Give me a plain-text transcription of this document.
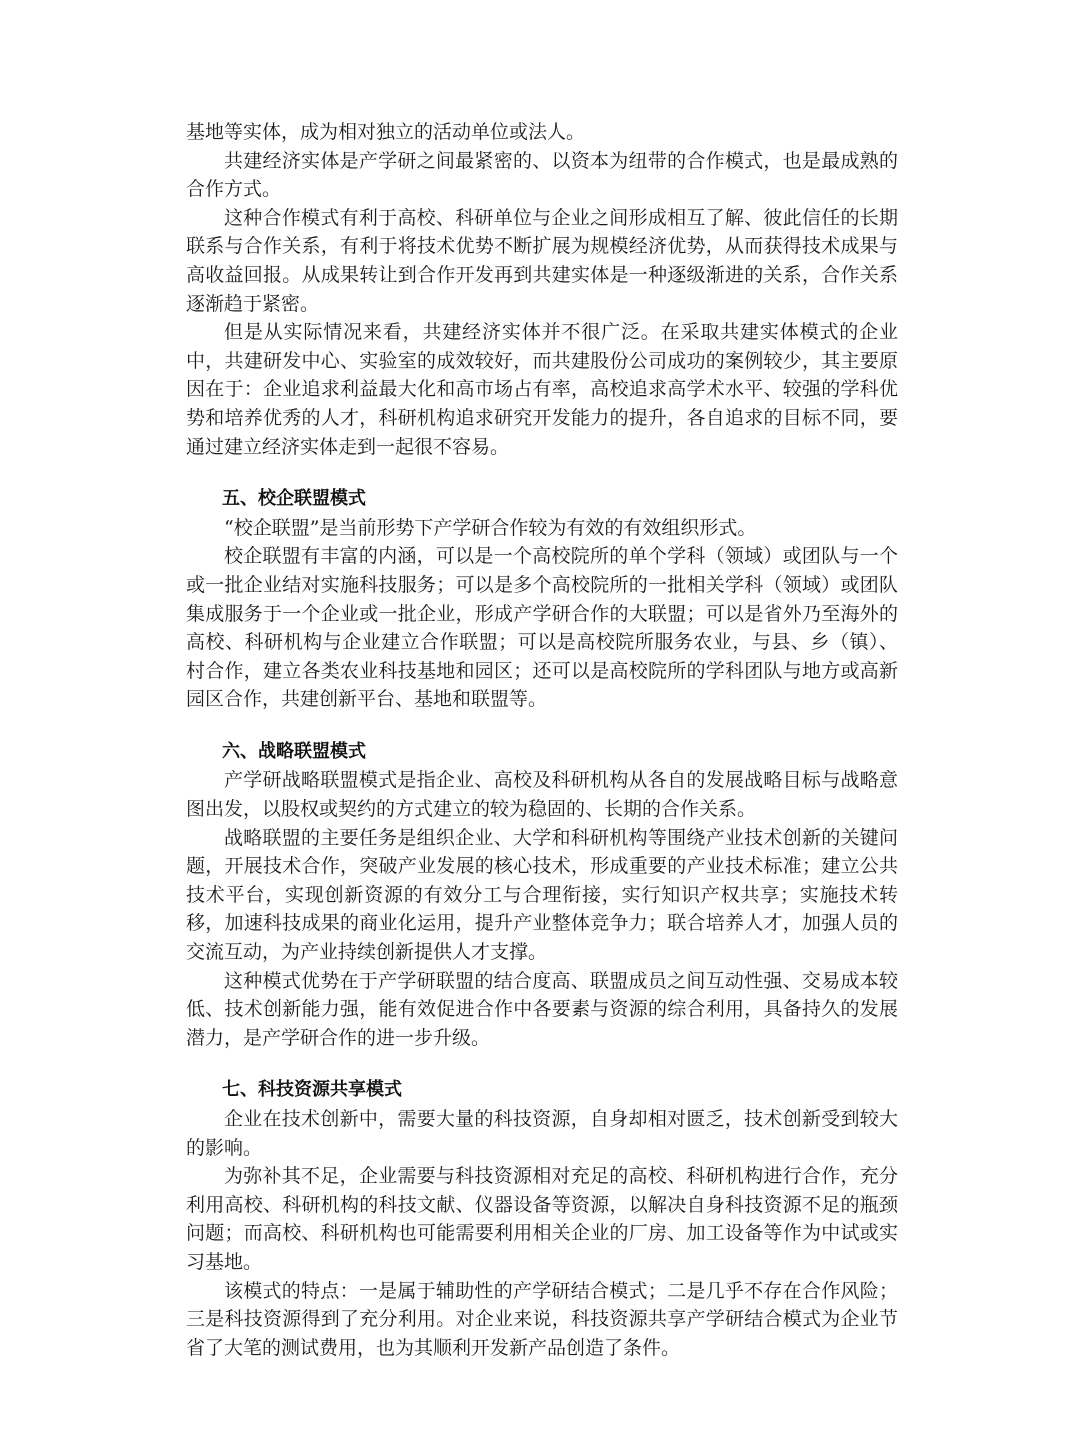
基地等实体，成为相对独立的活动单位或法人。

共建经济实体是产学研之间最紧密的、以资本为纽带的合作模式，也是最成熟的合作方式。

这种合作模式有利于高校、科研单位与企业之间形成相互了解、彼此信任的长期联系与合作关系，有利于将技术优势不断扩展为规模经济优势，从而获得技术成果与高收益回报。从成果转让到合作开发再到共建实体是一种逐级渐进的关系，合作关系逐渐趋于紧密。

但是从实际情况来看，共建经济实体并不很广泛。在采取共建实体模式的企业中，共建研发中心、实验室的成效较好，而共建股份公司成功的案例较少，其主要原因在于：企业追求利益最大化和高市场占有率，高校追求高学术水平、较强的学科优势和培养优秀的人才，科研机构追求研究开发能力的提升，各自追求的目标不同，要通过建立经济实体走到一起很不容易。

五、校企联盟模式

“校企联盟”是当前形势下产学研合作较为有效的有效组织形式。

校企联盟有丰富的内涵，可以是一个高校院所的单个学科（领域）或团队与一个或一批企业结对实施科技服务；可以是多个高校院所的一批相关学科（领域）或团队集成服务于一个企业或一批企业，形成产学研合作的大联盟；可以是省外乃至海外的高校、科研机构与企业建立合作联盟；可以是高校院所服务农业，与县、乡（镇）、村合作，建立各类农业科技基地和园区；还可以是高校院所的学科团队与地方或高新园区合作，共建创新平台、基地和联盟等。

六、战略联盟模式

产学研战略联盟模式是指企业、高校及科研机构从各自的发展战略目标与战略意图出发，以股权或契约的方式建立的较为稳固的、长期的合作关系。

战略联盟的主要任务是组织企业、大学和科研机构等围绕产业技术创新的关键问题，开展技术合作，突破产业发展的核心技术，形成重要的产业技术标准；建立公共技术平台，实现创新资源的有效分工与合理衔接，实行知识产权共享；实施技术转移，加速科技成果的商业化运用，提升产业整体竞争力；联合培养人才，加强人员的交流互动，为产业持续创新提供人才支撑。

这种模式优势在于产学研联盟的结合度高、联盟成员之间互动性强、交易成本较低、技术创新能力强，能有效促进合作中各要素与资源的综合利用，具备持久的发展潜力，是产学研合作的进一步升级。

七、科技资源共享模式

企业在技术创新中，需要大量的科技资源，自身却相对匮乏，技术创新受到较大的影响。

为弥补其不足，企业需要与科技资源相对充足的高校、科研机构进行合作，充分利用高校、科研机构的科技文献、仪器设备等资源，以解决自身科技资源不足的瓶颈问题；而高校、科研机构也可能需要利用相关企业的厂房、加工设备等作为中试或实习基地。

该模式的特点：一是属于辅助性的产学研结合模式；二是几乎不存在合作风险；三是科技资源得到了充分利用。对企业来说，科技资源共享产学研结合模式为企业节省了大笔的测试费用，也为其顺利开发新产品创造了条件。
